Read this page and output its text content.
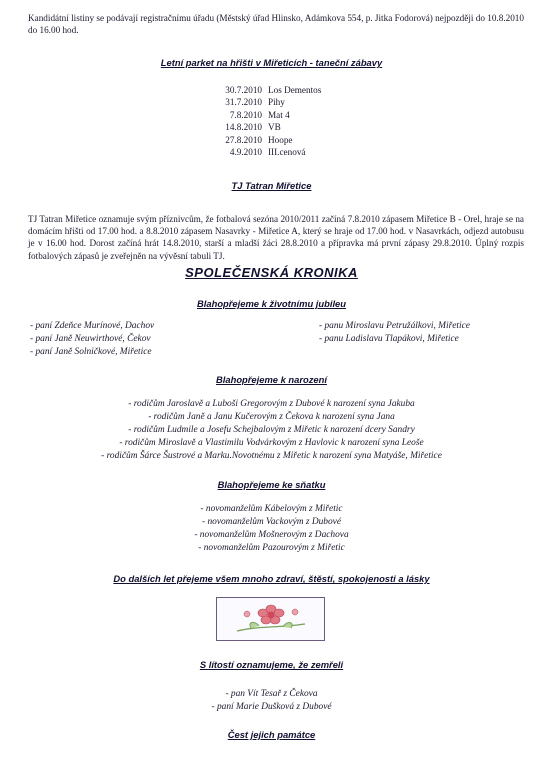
Kandidátní listiny se podávají registračnímu úřadu (Městský úřad Hlinsko, Adámkova 554, p. Jitka Fodorová) nejpozději do 10.8.2010 do 16.00 hod.
Letní parket na hřišti v Miřeticích - taneční zábavy
30.7.2010 Los Dementos
31.7.2010 Pihy
7.8.2010 Mat 4
14.8.2010 VB
27.8.2010 Hoope
4.9.2010 III.cenová
TJ Tatran Miřetice
TJ Tatran Miřetice oznamuje svým příznivcům, že fotbalová sezóna 2010/2011 začíná 7.8.2010 zápasem Miřetice B - Orel, hraje se na domácím hřišti od 17.00 hod. a 8.8.2010 zápasem Nasavrky - Miřetice A, který se hraje od 17.00 hod. v Nasavrkách, odjezd autobusu je v 16.00 hod. Dorost začíná hrát 14.8.2010, starší a mladší žáci 28.8.2010 a přípravka má první zápasy 29.8.2010. Úplný rozpis fotbalových zápasů je zveřejněn na vývěsní tabuli TJ.
SPOLEČENSKÁ KRONIKA
Blahopřejeme k životnímu jubileu
- paní Zdeňce Murínové, Dachov
- paní Janě Neuwirthové, Čekov
- paní Janě Solničkové, Miřetice
- panu Miroslavu Petružálkovi, Miřetice
- panu Ladislavu Tlapákovi, Miřetice
Blahopřejeme k narození
- rodičům Jaroslavě a Luboši Gregorovým z Dubové k narození syna Jakuba
- rodičům Janě a Janu Kučerovým z Čekova k narození syna Jana
- rodičům Ludmile a Josefu Schejbalovým z Miřetic k narození dcery Sandry
- rodičům Miroslavě a Vlastimilu Vodvárkovým z Havlovic k narození syna Leoše
- rodičům Šárce Šustrové a Marku.Novotnému z Miřetic k narození syna Matyáše, Miřetice
Blahopřejeme ke sňatku
- novomanželům Kábelovým z Miřetic
- novomanželům Vackovým z Dubové
- novomanželům Mošnerovým z Dachova
- novomanželům Pazourovým z Miřetic
Do dalších let přejeme všem mnoho zdraví, štěstí, spokojenosti a lásky
S lítostí oznamujeme, že zemřeli
- pan Vít Tesař z Čekova
- paní Marie Dušková z Dubové
Čest jejich památce
